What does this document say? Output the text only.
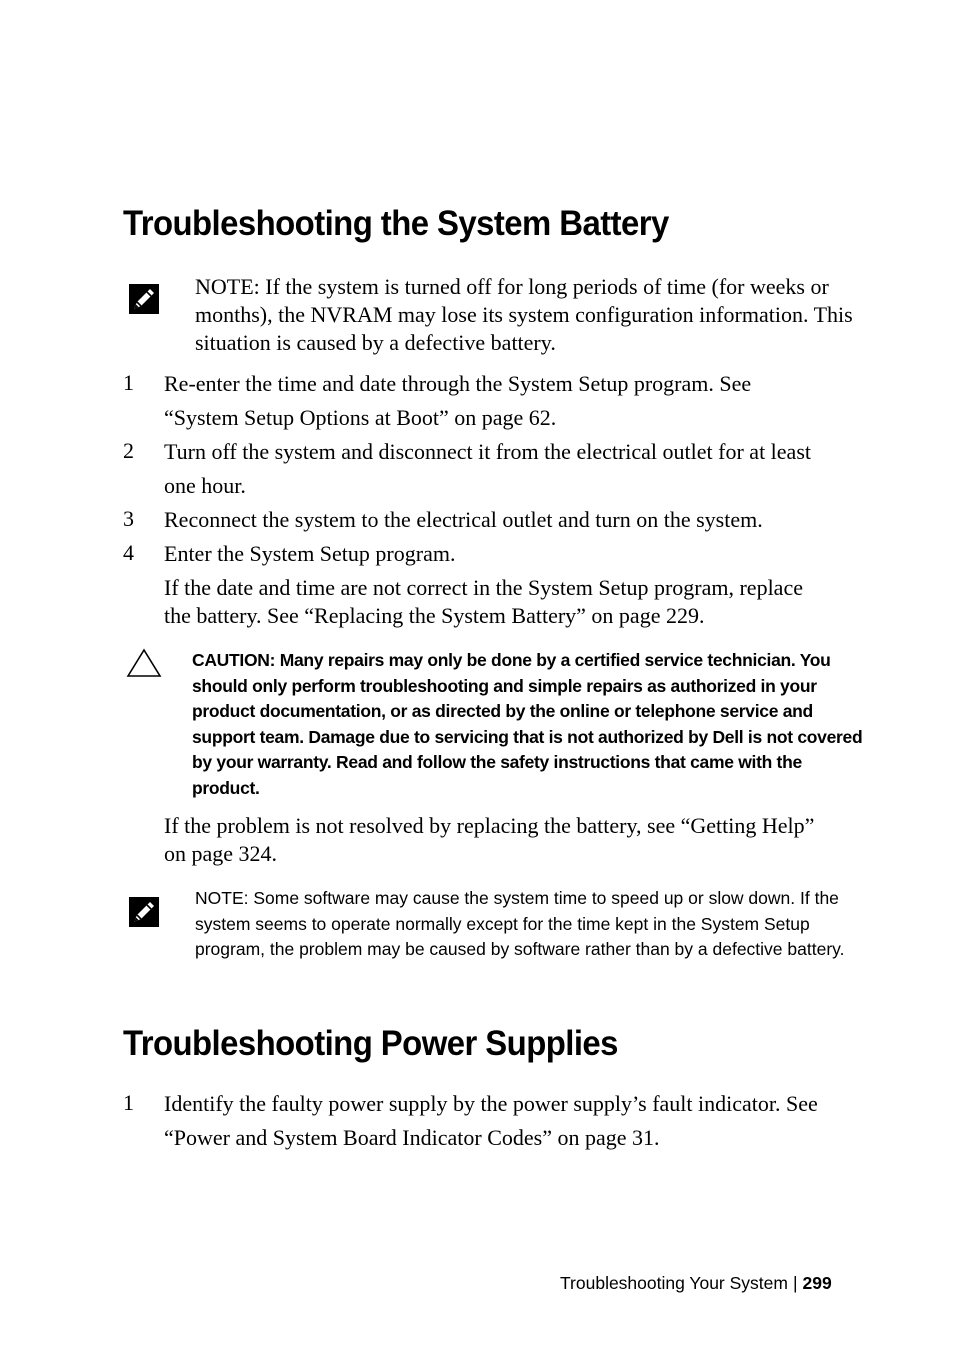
Troubleshooting the System Battery

NOTE: If the system is turned off for long periods of time (for weeks or months), the NVRAM may lose its system configuration information. This situation is caused by a defective battery.

1 Re-enter the time and date through the System Setup program. See “System Setup Options at Boot” on page 62.

2 Turn off the system and disconnect it from the electrical outlet for at least one hour.

3 Reconnect the system to the electrical outlet and turn on the system.

4 Enter the System Setup program.

If the date and time are not correct in the System Setup program, replace the battery. See “Replacing the System Battery” on page 229.

CAUTION: Many repairs may only be done by a certified service technician. You should only perform troubleshooting and simple repairs as authorized in your product documentation, or as directed by the online or telephone service and support team. Damage due to servicing that is not authorized by Dell is not covered by your warranty. Read and follow the safety instructions that came with the product.

If the problem is not resolved by replacing the battery, see “Getting Help” on page 324.

NOTE: Some software may cause the system time to speed up or slow down. If the system seems to operate normally except for the time kept in the System Setup program, the problem may be caused by software rather than by a defective battery.

Troubleshooting Power Supplies
1 Identify the faulty power supply by the power supply’s fault indicator. See “Power and System Board Indicator Codes” on page 31.

Troubleshooting Your System | 299
